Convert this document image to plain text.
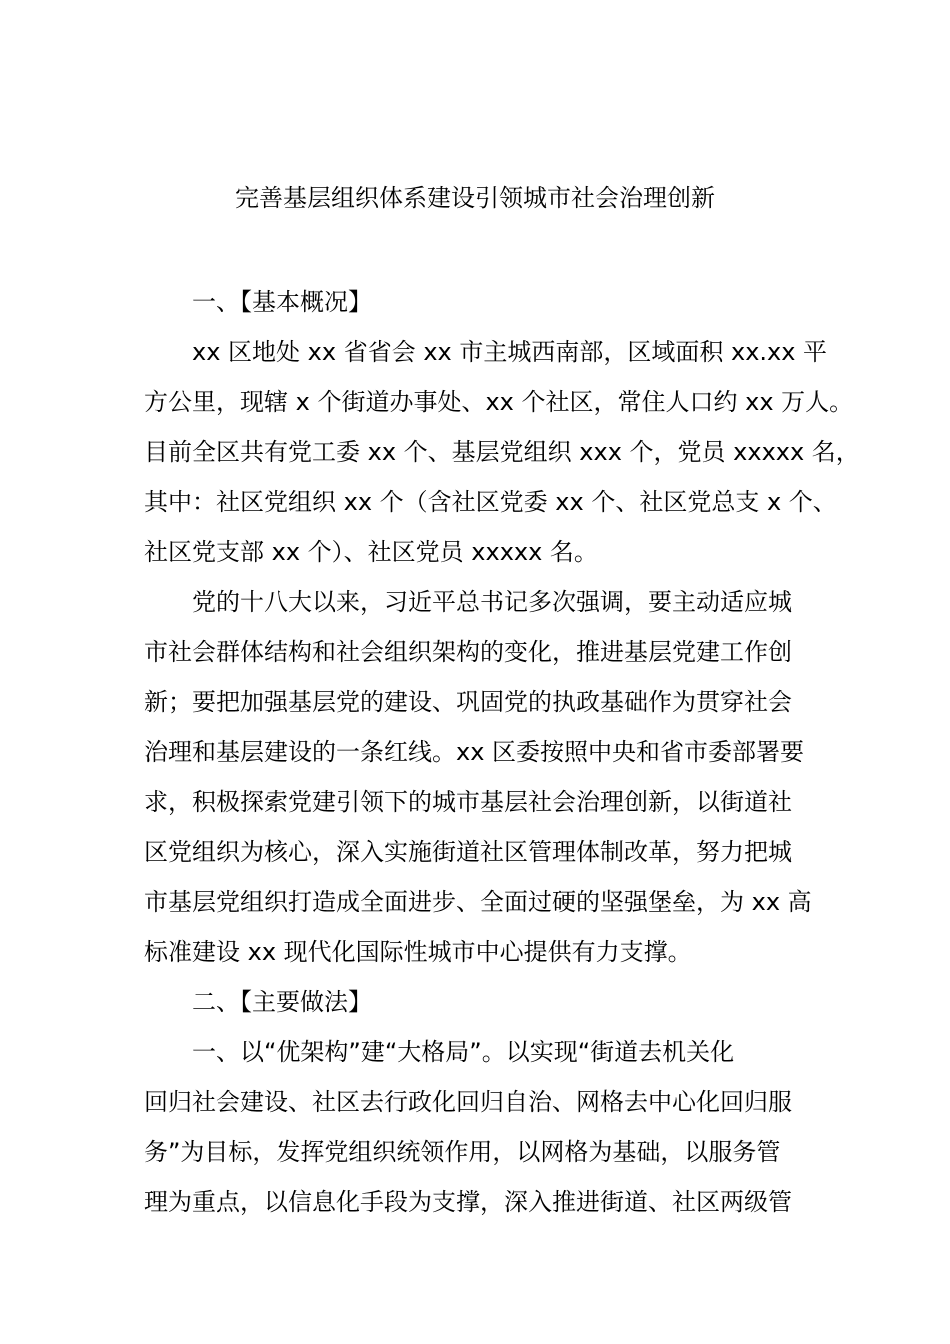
完善基层组织体系建设引领城市社会治理创新
一、【基本概况】
xx 区地处 xx 省省会 xx 市主城西南部，区域面积 xx.xx 平
方公里，现辖 x 个街道办事处、xx 个社区，常住人口约 xx 万人。
目前全区共有党工委 xx 个、基层党组织 xxx 个，党员 xxxxx 名，
其中：社区党组织 xx 个（含社区党委 xx 个、社区党总支 x 个、
社区党支部 xx 个）、社区党员 xxxxx 名。
党的十八大以来，习近平总书记多次强调，要主动适应城
市社会群体结构和社会组织架构的变化，推进基层党建工作创
新；要把加强基层党的建设、巩固党的执政基础作为贯穿社会
治理和基层建设的一条红线。xx 区委按照中央和省市委部署要
求，积极探索党建引领下的城市基层社会治理创新，以街道社
区党组织为核心，深入实施街道社区管理体制改革，努力把城
市基层党组织打造成全面进步、全面过硬的坚强堡垒，为 xx 高
标准建设 xx 现代化国际性城市中心提供有力支撑。
二、【主要做法】
一、以“优架构”建“大格局”。以实现“街道去机关化
回归社会建设、社区去行政化回归自治、网格去中心化回归服
务”为目标，发挥党组织统领作用，以网格为基础，以服务管
理为重点，以信息化手段为支撑，深入推进街道、社区两级管
